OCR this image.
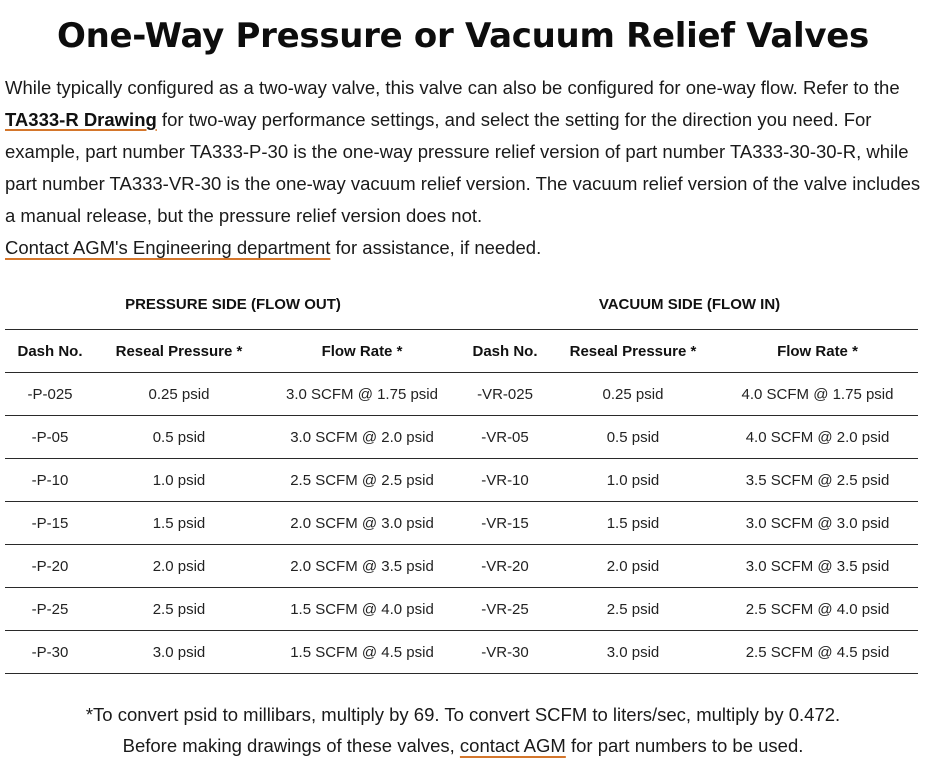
One-Way Pressure or Vacuum Relief Valves

While typically configured as a two-way valve, this valve can also be configured for one-way flow. Refer to the TA333-R Drawing for two-way performance settings, and select the setting for the direction you need. For example, part number TA333-P-30 is the one-way pressure relief version of part number TA333-30-30-R, while part number TA333-VR-30 is the one-way vacuum relief version. The vacuum relief version of the valve includes a manual release, but the pressure relief version does not.

Contact AGM's Engineering department for assistance, if needed.

PRESSURE SIDE (FLOW OUT)	VACUUM SIDE (FLOW IN)
Dash No.	Reseal Pressure *	Flow Rate *	Dash No.	Reseal Pressure *	Flow Rate *
-P-025	0.25 psid	3.0 SCFM @ 1.75 psid	-VR-025	0.25 psid	4.0 SCFM @ 1.75 psid
-P-05	0.5 psid	3.0 SCFM @ 2.0 psid	-VR-05	0.5 psid	4.0 SCFM @ 2.0 psid
-P-10	1.0 psid	2.5 SCFM @ 2.5 psid	-VR-10	1.0 psid	3.5 SCFM @ 2.5 psid
-P-15	1.5 psid	2.0 SCFM @ 3.0 psid	-VR-15	1.5 psid	3.0 SCFM @ 3.0 psid
-P-20	2.0 psid	2.0 SCFM @ 3.5 psid	-VR-20	2.0 psid	3.0 SCFM @ 3.5 psid
-P-25	2.5 psid	1.5 SCFM @ 4.0 psid	-VR-25	2.5 psid	2.5 SCFM @ 4.0 psid
-P-30	3.0 psid	1.5 SCFM @ 4.5 psid	-VR-30	3.0 psid	2.5 SCFM @ 4.5 psid
*To convert psid to millibars, multiply by 69. To convert SCFM to liters/sec, multiply by 0.472.
Before making drawings of these valves, contact AGM for part numbers to be used.
